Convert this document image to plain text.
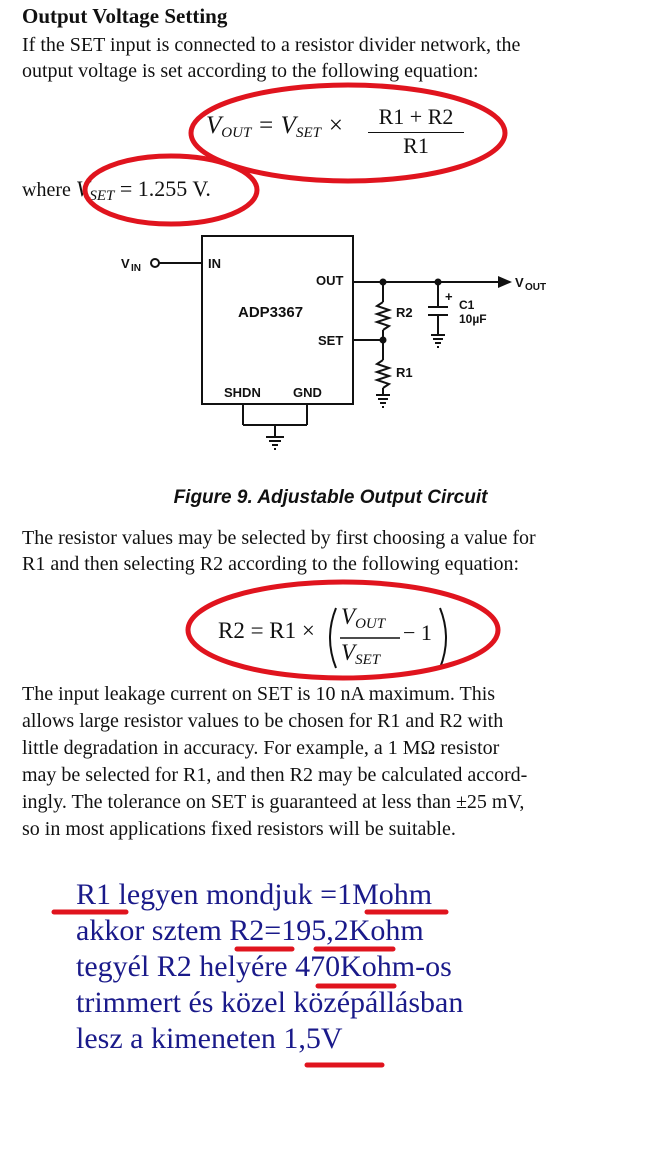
Output Voltage Setting
If the SET input is connected to a resistor divider network, the
output voltage is set according to the following equation:
VOUT = VSET ×	R1 + R2
R1
where $V_{SET} = 1.255$ V.
V IN	IN
OUT
ADP3367
SET
SHDN GND
R2
R1
+
C1
10µF
V OUT
Figure 9. Adjustable Output Circuit
The resistor values may be selected by first choosing a value for
R1 and then selecting R2 according to the following equation:
R2 = R1 ×
VOUT
VSET
− 1
The input leakage current on SET is 10 nA maximum. This
allows large resistor values to be chosen for R1 and R2 with
little degradation in accuracy. For example, a 1 MΩ resistor
may be selected for R1, and then R2 may be calculated accord-
ingly. The tolerance on SET is guaranteed at less than ±25 mV,
so in most applications fixed resistors will be suitable.
R1 legyen mondjuk =1Mohm
akkor sztem R2=195,2Kohm
tegyél R2 helyére 470Kohm-os
trimmert és közel középállásban
lesz a kimeneten 1,5V
